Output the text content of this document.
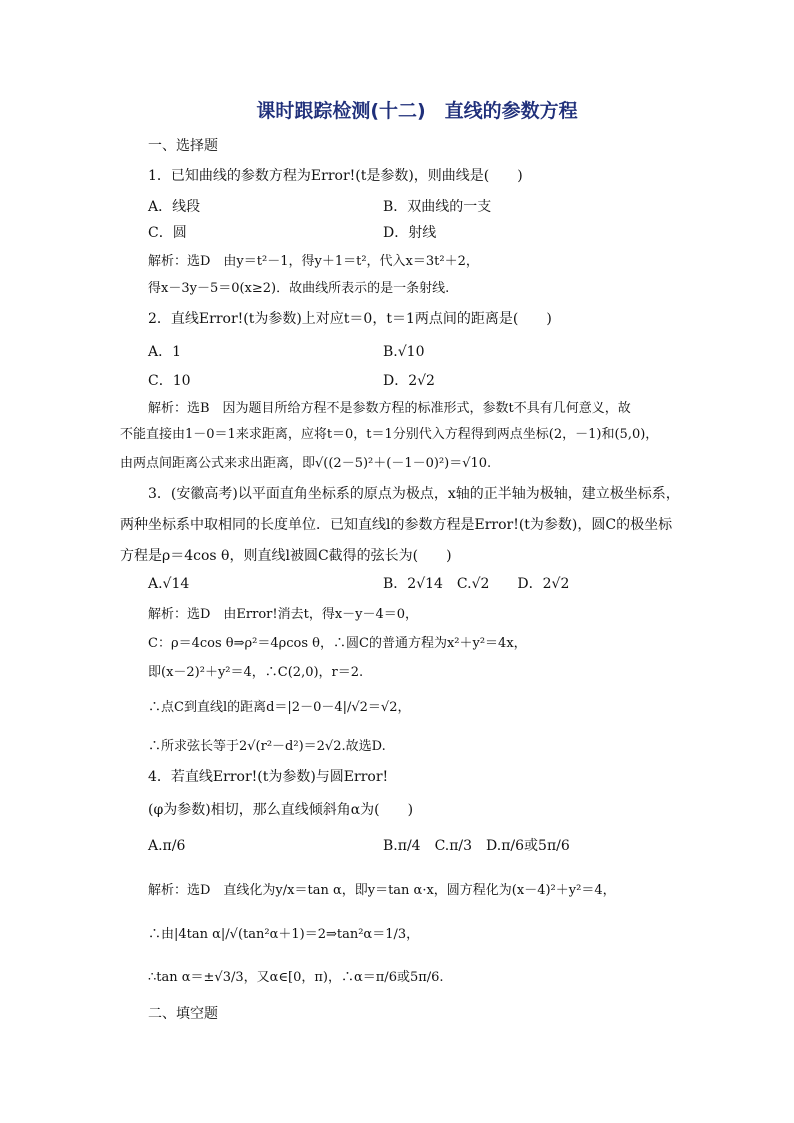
课时跟踪检测(十二)　直线的参数方程
一、选择题
1．已知曲线的参数方程为Error!(t是参数)，则曲线是(　　)
A．线段	B．双曲线的一支
C．圆	D．射线
解析：选D　由y＝t²－1，得y＋1＝t²，代入x＝3t²＋2，
得x－3y－5＝0(x≥2)．故曲线所表示的是一条射线.
2．直线Error!(t为参数)上对应t＝0，t＝1两点间的距离是(　　)
A．1	B.√10
C．10	D．2√2
解析：选B　因为题目所给方程不是参数方程的标准形式，参数t不具有几何意义，故
不能直接由1－0＝1来求距离，应将t＝0，t＝1分别代入方程得到两点坐标(2，－1)和(5,0)，
由两点间距离公式来求出距离，即√((2－5)²＋(－1－0)²)＝√10.
3．(安徽高考)以平面直角坐标系的原点为极点，x轴的正半轴为极轴，建立极坐标系，
两种坐标系中取相同的长度单位．已知直线l的参数方程是Error!(t为参数)，圆C的极坐标
方程是ρ＝4cos θ，则直线l被圆C截得的弦长为(　　)
A.√14	B．2√14　C.√2　　D．2√2
解析：选D　由Error!消去t，得x－y－4＝0，
C：ρ＝4cos θ⇒ρ²＝4ρcos θ，∴圆C的普通方程为x²＋y²＝4x，
即(x－2)²＋y²＝4，∴C(2,0)，r＝2.
∴点C到直线l的距离d＝|2－0－4|/√2＝√2，
∴所求弦长等于2√(r²－d²)＝2√2.故选D.
4．若直线Error!(t为参数)与圆Error!
(φ为参数)相切，那么直线倾斜角α为(　　)
A.π/6	B.π/4　C.π/3　D.π/6或5π/6
解析：选D　直线化为y/x＝tan α，即y＝tan α·x，圆方程化为(x－4)²＋y²＝4，
∴由|4tan α|/√(tan²α＋1)＝2⇒tan²α＝1/3，
∴tan α＝±√3/3，又α∈[0，π)，∴α＝π/6或5π/6.
二、填空题
